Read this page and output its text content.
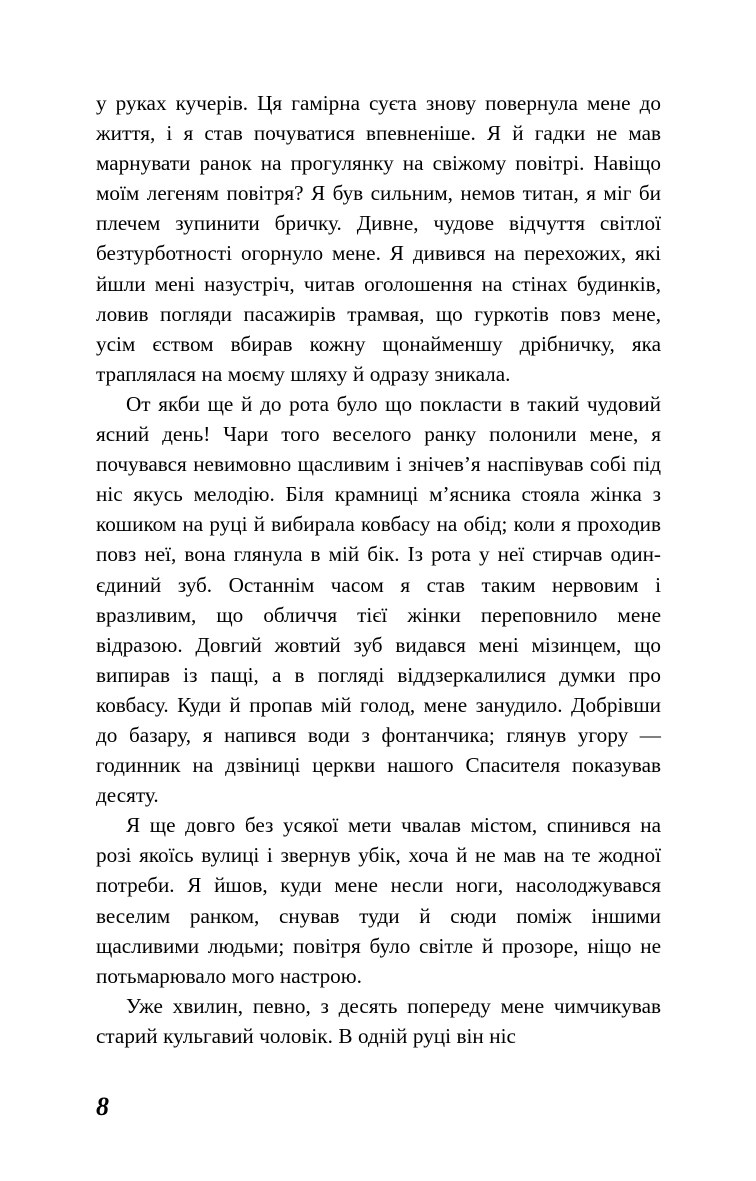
у руках кучерів. Ця гамірна суєта знову повернула мене до життя, і я став почуватися впевненіше. Я й гадки не мав марнувати ранок на прогулянку на свіжому повітрі. Навіщо моїм легеням повітря? Я був сильним, немов титан, я міг би плечем зупинити бричку. Дивне, чудове відчуття світлої безтурботності огорнуло мене. Я дивився на перехожих, які йшли мені назустріч, читав оголошення на стінах будинків, ловив погляди пасажирів трамвая, що гуркотів повз мене, усім єством вбирав кожну щонайменшу дрібничку, яка траплялася на моєму шляху й одразу зникала.

От якби ще й до рота було що покласти в такий чудовий ясний день! Чари того веселого ранку полонили мене, я почувався невимовно щасливим і знічев’я наспівував собі під ніс якусь мелодію. Біля крамниці м’ясника стояла жінка з кошиком на руці й вибирала ковбасу на обід; коли я проходив повз неї, вона глянула в мій бік. Із рота у неї стирчав один-єдиний зуб. Останнім часом я став таким нервовим і вразливим, що обличчя тієї жінки переповнило мене відразою. Довгий жовтий зуб видався мені мізинцем, що випирав із пащі, а в погляді віддзеркалилися думки про ковбасу. Куди й пропав мій голод, мене занудило. Добрівши до базару, я напився води з фонтанчика; глянув угору — годинник на дзвіниці церкви нашого Спасителя показував десяту.

Я ще довго без усякої мети чвалав містом, спинився на розі якоїсь вулиці і звернув убік, хоча й не мав на те жодної потреби. Я йшов, куди мене несли ноги, насолоджувався веселим ранком, снував туди й сюди поміж іншими щасливими людьми; повітря було світле й прозоре, ніщо не потьмарювало мого настрою.

Уже хвилин, певно, з десять попереду мене чимчикував старий кульгавий чоловік. В одній руці він ніс

8
